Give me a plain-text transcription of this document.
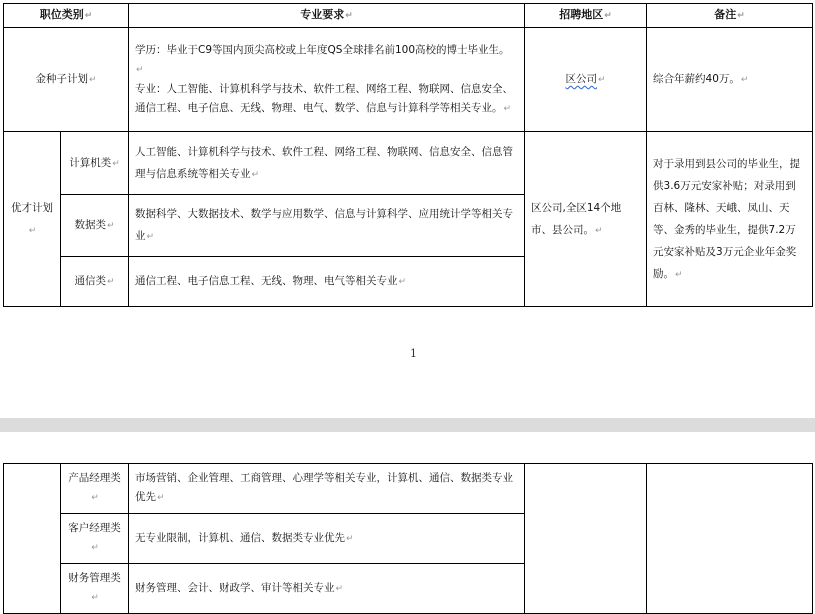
职位类别↵		专业要求↵	招聘地区↵	备注↵
金种子计划↵		学历：毕业于C9等国内顶尖高校或上年度QS全球排名前100高校的博士毕业生。↵
专业：人工智能、计算机科学与技术、软件工程、网络工程、物联网、信息安全、通信工程、电子信息、无线、物理、电气、数学、信息与计算科学等相关专业。↵	区公司↵	综合年薪约40万。↵
优才计划↵	计算机类↵	人工智能、计算机科学与技术、软件工程、网络工程、物联网、信息安全、信息管理与信息系统等相关专业↵	区公司,全区14个地市、县公司。↵	对于录用到县公司的毕业生，提供3.6万元安家补贴；对录用到百林、隆林、天峨、凤山、天等、金秀的毕业生，提供7.2万元安家补贴及3万元企业年金奖励。↵
	数据类↵	数据科学、大数据技术、数学与应用数学、信息与计算科学、应用统计学等相关专业↵		
	通信类↵	通信工程、电子信息工程、无线、物理、电气等相关专业↵		
1
	产品经理类↵	市场营销、企业管理、工商管理、心理学等相关专业，计算机、通信、数据类专业优先↵		
	客户经理类↵	无专业限制，计算机、通信、数据类专业优先↵		
	财务管理类↵	财务管理、会计、财政学、审计等相关专业↵		
